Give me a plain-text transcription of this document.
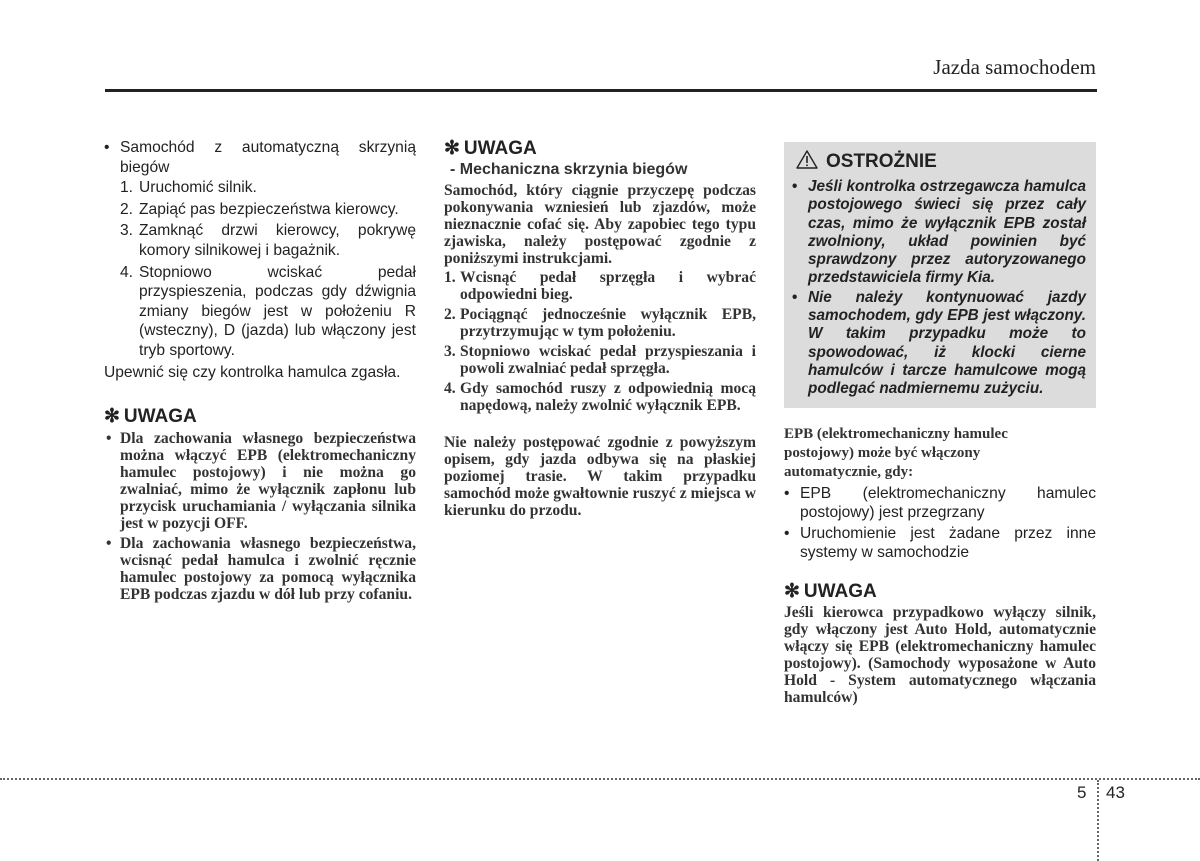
Jazda samochodem
• Samochód z automatyczną skrzynią biegów
1. Uruchomić silnik.
2. Zapiąć pas bezpieczeństwa kierowcy.
3. Zamknąć drzwi kierowcy, pokrywę komory silnikowej i bagażnik.
4. Stopniowo wciskać pedał przyspieszenia, podczas gdy dźwignia zmiany biegów jest w położeniu R (wsteczny), D (jazda) lub włączony jest tryb sportowy.
Upewnić się czy kontrolka hamulca zgasła.
✻ UWAGA
• Dla zachowania własnego bezpieczeństwa można włączyć EPB (elektromechaniczny hamulec postojowy) i nie można go zwalniać, mimo że wyłącznik zapłonu lub przycisk uruchamiania / wyłączania silnika jest w pozycji OFF.
• Dla zachowania własnego bezpieczeństwa, wcisnąć pedał hamulca i zwolnić ręcznie hamulec postojowy za pomocą wyłącznika EPB podczas zjazdu w dół lub przy cofaniu.
✻ UWAGA
- Mechaniczna skrzynia biegów
Samochód, który ciągnie przyczepę podczas pokonywania wzniesień lub zjazdów, może nieznacznie cofać się. Aby zapobiec tego typu zjawiska, należy postępować zgodnie z poniższymi instrukcjami.
1. Wcisnąć pedał sprzęgła i wybrać odpowiedni bieg.
2. Pociągnąć jednocześnie wyłącznik EPB, przytrzymując w tym położeniu.
3. Stopniowo wciskać pedał przyspieszania i powoli zwalniać pedał sprzęgła.
4. Gdy samochód ruszy z odpowiednią mocą napędową, należy zwolnić wyłącznik EPB.
Nie należy postępować zgodnie z powyższym opisem, gdy jazda odbywa się na płaskiej poziomej trasie. W takim przypadku samochód może gwałtownie ruszyć z miejsca w kierunku do przodu.
OSTROŻNIE
• Jeśli kontrolka ostrzegawcza hamulca postojowego świeci się przez cały czas, mimo że wyłącznik EPB został zwolniony, układ powinien być sprawdzony przez autoryzowanego przedstawiciela firmy Kia.
• Nie należy kontynuować jazdy samochodem, gdy EPB jest włączony. W takim przypadku może to spowodować, iż klocki cierne hamulców i tarcze hamulcowe mogą podlegać nadmiernemu zużyciu.
EPB (elektromechaniczny hamulec postojowy) może być włączony automatycznie, gdy:
• EPB (elektromechaniczny hamulec postojowy) jest przegrzany
• Uruchomienie jest żadane przez inne systemy w samochodzie
✻ UWAGA
Jeśli kierowca przypadkowo wyłączy silnik, gdy włączony jest Auto Hold, automatycznie włączy się EPB (elektromechaniczny hamulec postojowy). (Samochody wyposażone w Auto Hold - System automatycznego włączania hamulców)
5 43
